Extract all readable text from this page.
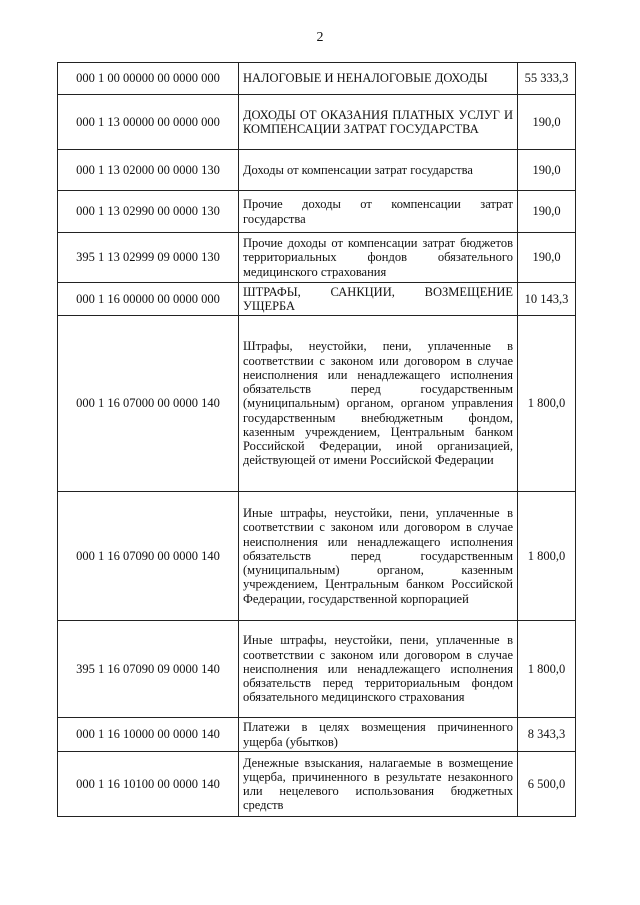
2
000 1 00 00000 00 0000 000	НАЛОГОВЫЕ И НЕНАЛОГОВЫЕ ДОХОДЫ	55 333,3
000 1 13 00000 00 0000 000	ДОХОДЫ ОТ ОКАЗАНИЯ ПЛАТНЫХ УСЛУГ И КОМПЕНСАЦИИ ЗАТРАТ ГОСУДАРСТВА	190,0
000 1 13 02000 00 0000 130	Доходы от компенсации затрат государства	190,0
000 1 13 02990 00 0000 130	Прочие доходы от компенсации затрат государства	190,0
395 1 13 02999 09 0000 130	Прочие доходы от компенсации затрат бюджетов территориальных фондов обязательного медицинского страхования	190,0
000 1 16 00000 00 0000 000	ШТРАФЫ, САНКЦИИ, ВОЗМЕЩЕНИЕ УЩЕРБА	10 143,3
000 1 16 07000 00 0000 140	Штрафы, неустойки, пени, уплаченные в соответствии с законом или договором в случае неисполнения или ненадлежащего исполнения обязательств перед государственным (муниципальным) органом, органом управления государственным внебюджетным фондом, казенным учреждением, Центральным банком Российской Федерации, иной организацией, действующей от имени Российской Федерации	1 800,0
000 1 16 07090 00 0000 140	Иные штрафы, неустойки, пени, уплаченные в соответствии с законом или договором в случае неисполнения или ненадлежащего исполнения обязательств перед государственным (муниципальным) органом, казенным учреждением, Центральным банком Российской Федерации, государственной корпорацией	1 800,0
395 1 16 07090 09 0000 140	Иные штрафы, неустойки, пени, уплаченные в соответствии с законом или договором в случае неисполнения или ненадлежащего исполнения обязательств перед территориальным фондом обязательного медицинского страхования	1 800,0
000 1 16 10000 00 0000 140	Платежи в целях возмещения причиненного ущерба (убытков)	8 343,3
000 1 16 10100 00 0000 140	Денежные взыскания, налагаемые в возмещение ущерба, причиненного в результате незаконного или нецелевого использования бюджетных средств	6 500,0
